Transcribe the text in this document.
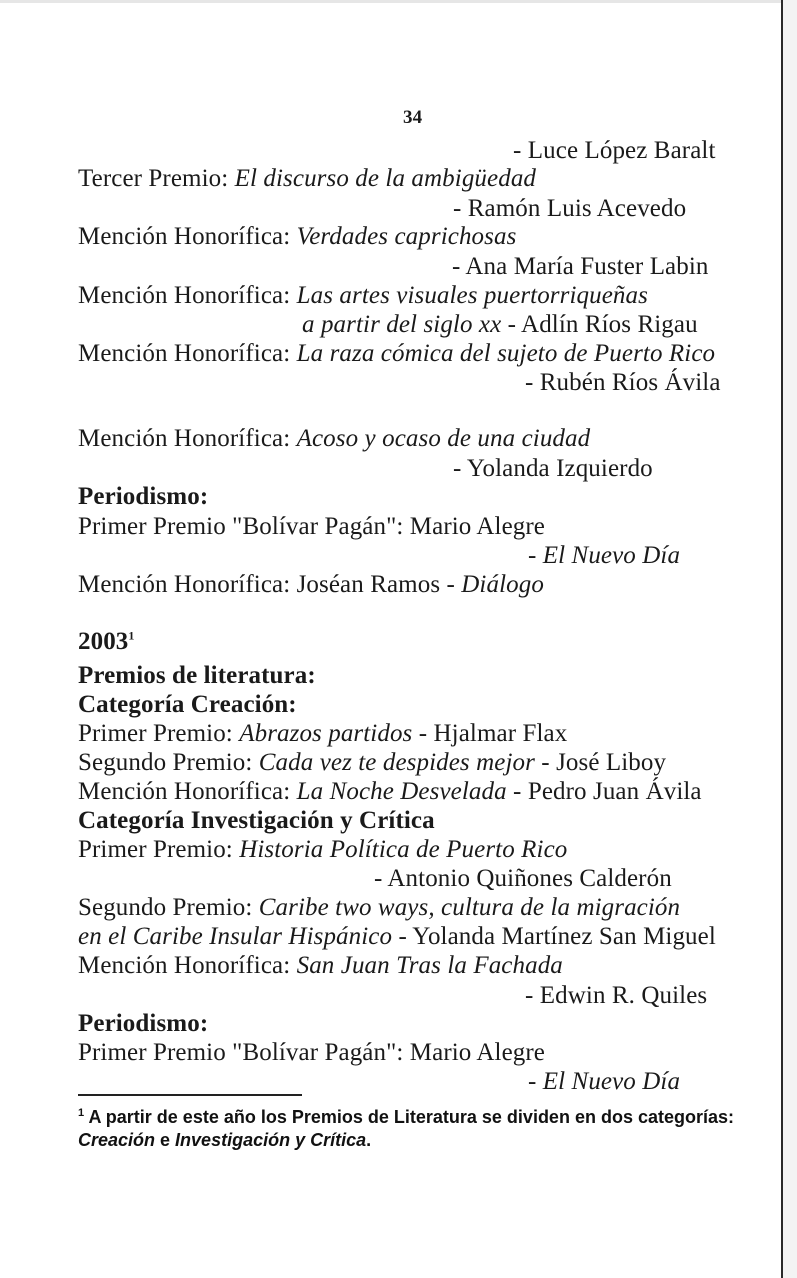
34
- Luce López Baralt
Tercer Premio: El discurso de la ambigüedad
- Ramón Luis Acevedo
Mención Honorífica: Verdades caprichosas
- Ana María Fuster Labin
Mención Honorífica: Las artes visuales puertorriqueñas
a partir del siglo xx - Adlín Ríos Rigau
Mención Honorífica: La raza cómica del sujeto de Puerto Rico
- Rubén Ríos Ávila
Mención Honorífica: Acoso y ocaso de una ciudad
- Yolanda Izquierdo
Periodismo:
Primer Premio "Bolívar Pagán": Mario Alegre
- El Nuevo Día
Mención Honorífica: Joséan Ramos - Diálogo
2003$^1$
Premios de literatura:
Categoría Creación:
Primer Premio: Abrazos partidos - Hjalmar Flax
Segundo Premio: Cada vez te despides mejor - José Liboy
Mención Honorífica: La Noche Desvelada - Pedro Juan Ávila
Categoría Investigación y Crítica
Primer Premio: Historia Política de Puerto Rico
- Antonio Quiñones Calderón
Segundo Premio: Caribe two ways, cultura de la migración
en el Caribe Insular Hispánico - Yolanda Martínez San Miguel
Mención Honorífica: San Juan Tras la Fachada
- Edwin R. Quiles
Periodismo:
Primer Premio "Bolívar Pagán": Mario Alegre
- El Nuevo Día
$^1$ A partir de este año los Premios de Literatura se dividen en dos categorías: Creación e Investigación y Crítica.
